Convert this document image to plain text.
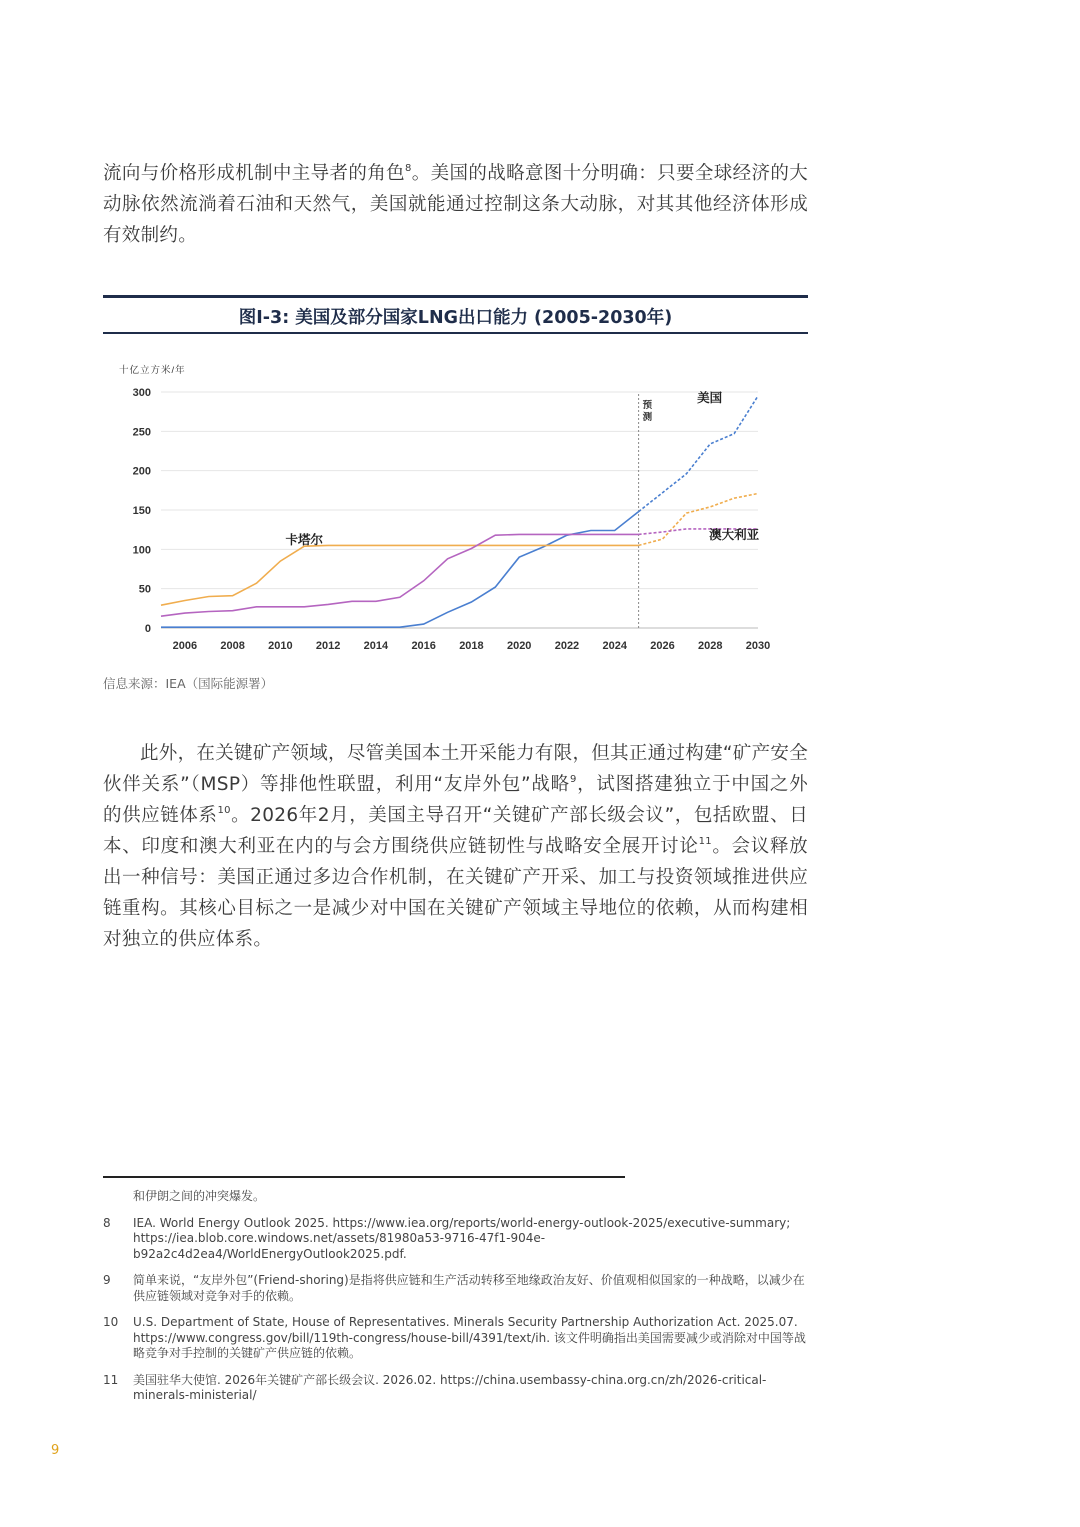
流向与价格形成机制中主导者的角色$^8$。美国的战略意图十分明确：只要全球经济的大动脉依然流淌着石油和天然气，美国就能通过控制这条大动脉，对其其他经济体形成有效制约。

图I-3: 美国及部分国家LNG出口能力 (2005-2030年)
十亿立方米/年
0
50
100
150
200
250
300
2006 2008 2010 2012 2014 2016 2018 2020 2022 2024 2026 2028 2030
预测
美国
卡塔尔	澳大利亚
信息来源：IEA（国际能源署）

此外，在关键矿产领域，尽管美国本土开采能力有限，但其正通过构建“矿产安全伙伴关系”（MSP）等排他性联盟，利用“友岸外包”战略$^9$，试图搭建独立于中国之外的供应链体系$^{10}$。2026年2月，美国主导召开“关键矿产部长级会议”，包括欧盟、日本、印度和澳大利亚在内的与会方围绕供应链韧性与战略安全展开讨论$^{11}$。会议释放出一种信号：美国正通过多边合作机制，在关键矿产开采、加工与投资领域推进供应链重构。其核心目标之一是减少对中国在关键矿产领域主导地位的依赖，从而构建相对独立的供应体系。

和伊朗之间的冲突爆发。
8 IEA. World Energy Outlook 2025. https://www.iea.org/reports/world-energy-outlook-2025/executive-summary; https://iea.blob.core.windows.net/assets/81980a53-9716-47f1-904e-b92a2c4d2ea4/WorldEnergyOutlook2025.pdf.
9 简单来说，“友岸外包”(Friend-shoring)是指将供应链和生产活动转移至地缘政治友好、价值观相似国家的一种战略，以减少在供应链领域对竞争对手的依赖。
10 U.S. Department of State, House of Representatives. Minerals Security Partnership Authorization Act. 2025.07. https://www.congress.gov/bill/119th-congress/house-bill/4391/text/ih. 该文件明确指出美国需要减少或消除对中国等战略竞争对手控制的关键矿产供应链的依赖。
11 美国驻华大使馆. 2026年关键矿产部长级会议. 2026.02. https://china.usembassy-china.org.cn/zh/2026-critical-minerals-ministerial/
9
